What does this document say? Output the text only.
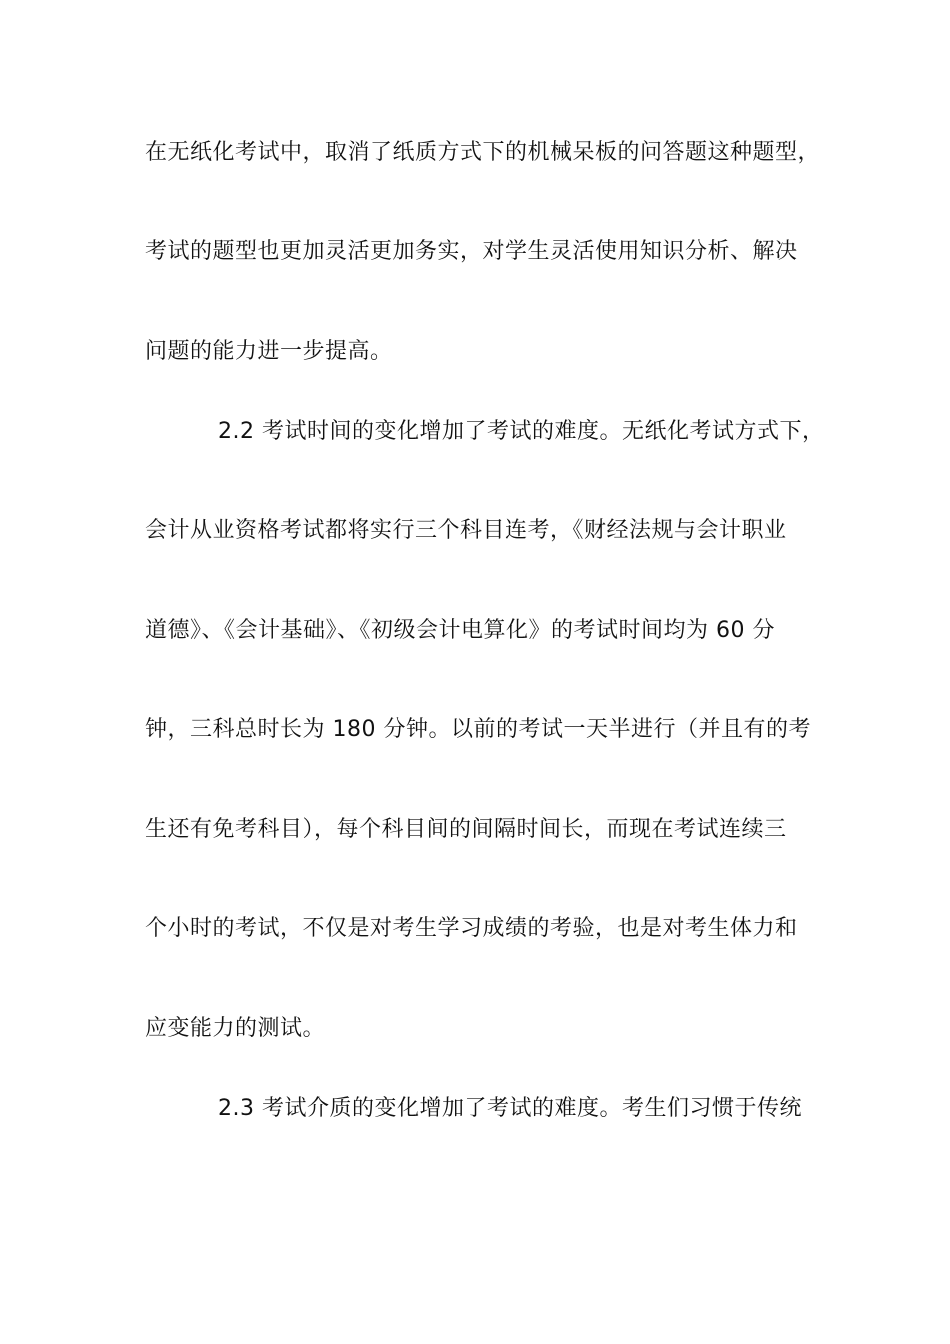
在无纸化考试中，取消了纸质方式下的机械呆板的问答题这种题型，
考试的题型也更加灵活更加务实，对学生灵活使用知识分析、解决
问题的能力进一步提高。
2.2 考试时间的变化增加了考试的难度。无纸化考试方式下，
会计从业资格考试都将实行三个科目连考，《财经法规与会计职业
道德》、《会计基础》、《初级会计电算化》的考试时间均为 60 分
钟，三科总时长为 180 分钟。以前的考试一天半进行（并且有的考
生还有免考科目），每个科目间的间隔时间长，而现在考试连续三
个小时的考试，不仅是对考生学习成绩的考验，也是对考生体力和
应变能力的测试。
2.3 考试介质的变化增加了考试的难度。考生们习惯于传统
